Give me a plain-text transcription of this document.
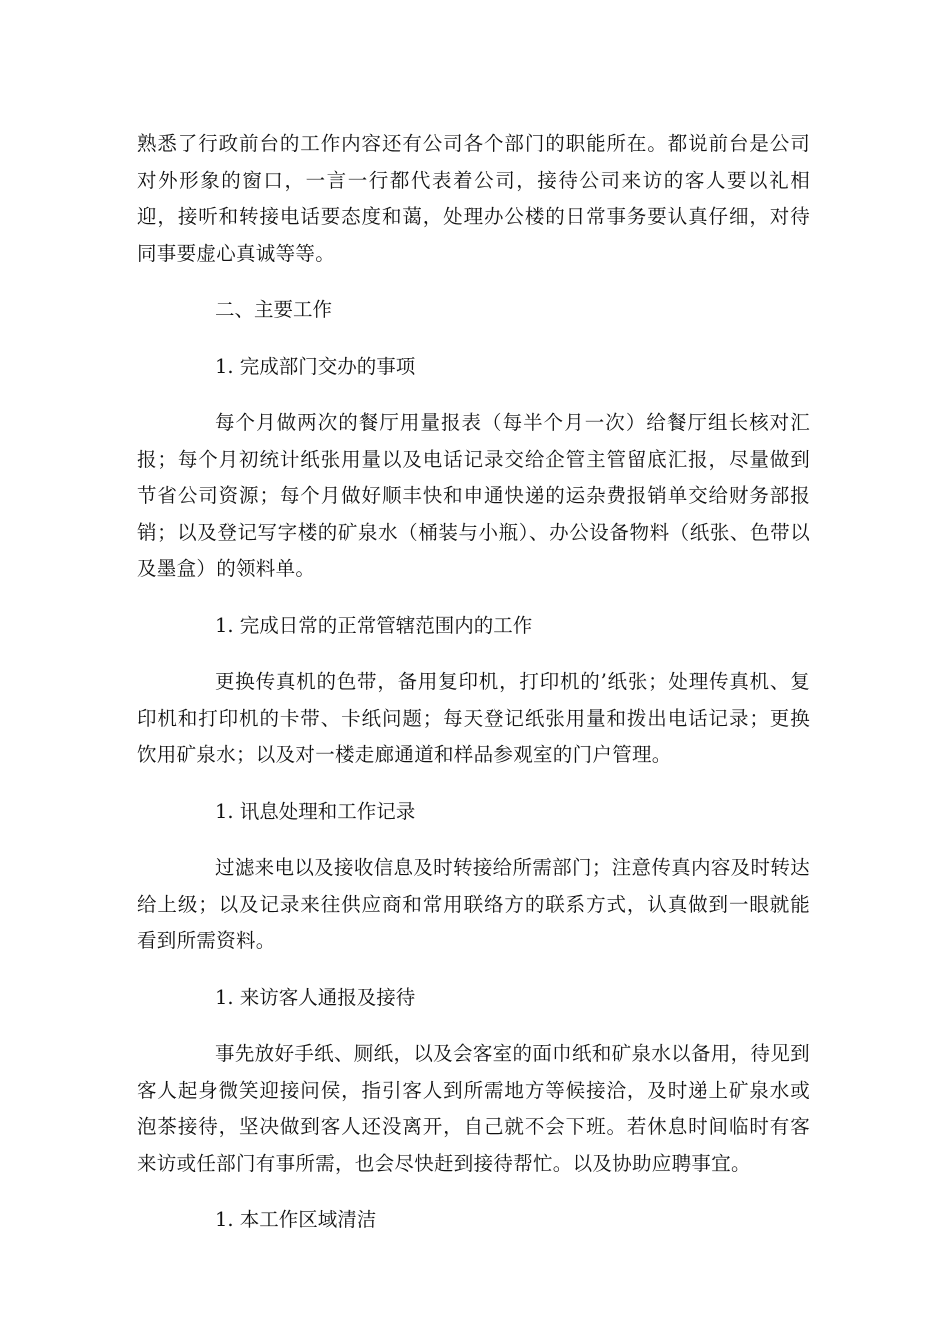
熟悉了行政前台的工作内容还有公司各个部门的职能所在。都说前台是公司对外形象的窗口，一言一行都代表着公司，接待公司来访的客人要以礼相迎，接听和转接电话要态度和蔼，处理办公楼的日常事务要认真仔细，对待同事要虚心真诚等等。

二、主要工作

1. 完成部门交办的事项

每个月做两次的餐厅用量报表（每半个月一次）给餐厅组长核对汇报；每个月初统计纸张用量以及电话记录交给企管主管留底汇报，尽量做到节省公司资源；每个月做好顺丰快和申通快递的运杂费报销单交给财务部报销；以及登记写字楼的矿泉水（桶装与小瓶）、办公设备物料（纸张、色带以及墨盒）的领料单。

1. 完成日常的正常管辖范围内的工作

更换传真机的色带，备用复印机，打印机的’纸张；处理传真机、复印机和打印机的卡带、卡纸问题；每天登记纸张用量和拨出电话记录；更换饮用矿泉水；以及对一楼走廊通道和样品参观室的门户管理。

1. 讯息处理和工作记录

过滤来电以及接收信息及时转接给所需部门；注意传真内容及时转达给上级；以及记录来往供应商和常用联络方的联系方式，认真做到一眼就能看到所需资料。

1. 来访客人通报及接待

事先放好手纸、厕纸，以及会客室的面巾纸和矿泉水以备用，待见到客人起身微笑迎接问侯，指引客人到所需地方等候接洽，及时递上矿泉水或泡茶接待，坚决做到客人还没离开，自己就不会下班。若休息时间临时有客来访或任部门有事所需，也会尽快赶到接待帮忙。以及协助应聘事宜。

1. 本工作区域清洁
